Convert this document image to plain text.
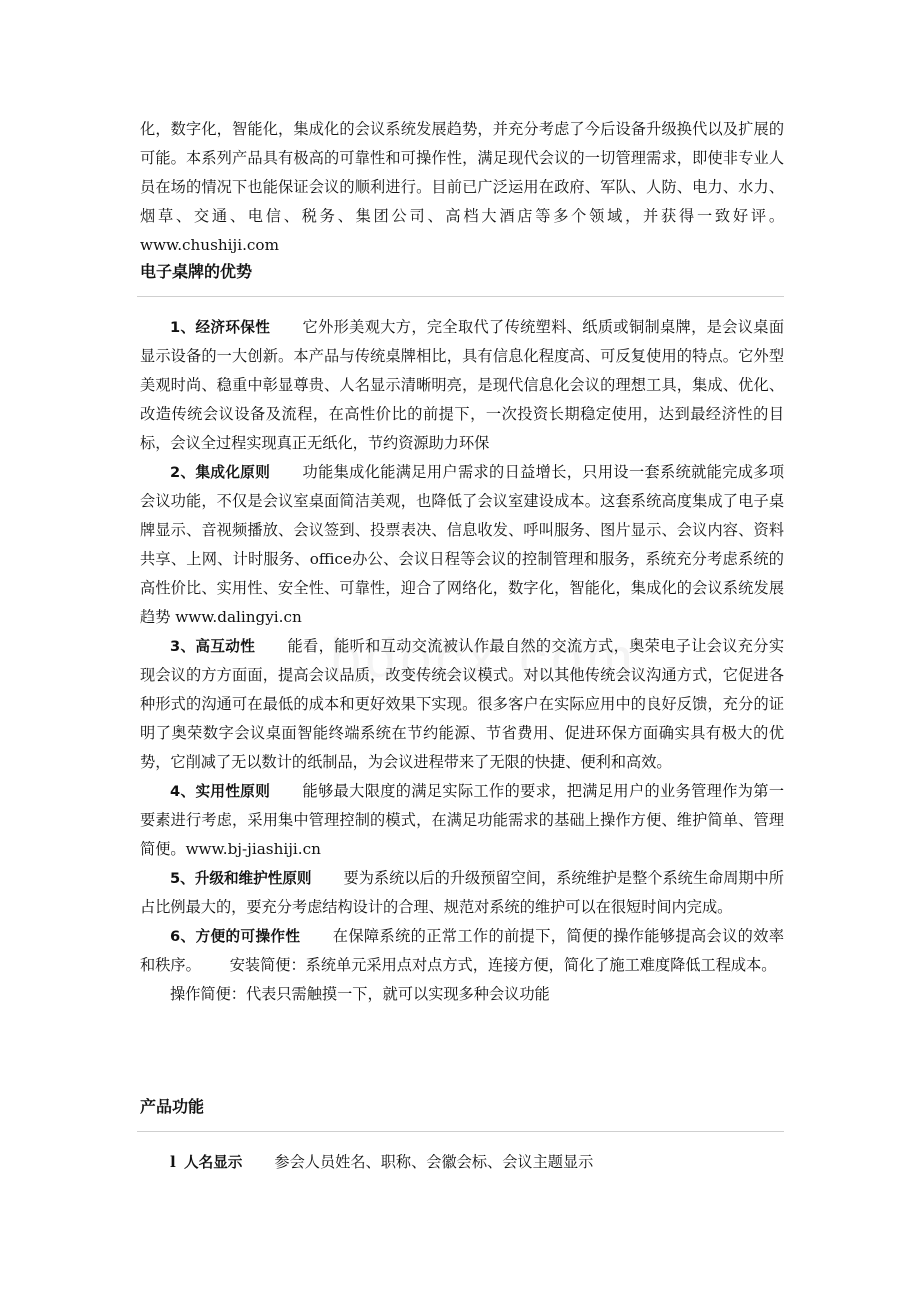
化，数字化，智能化，集成化的会议系统发展趋势，并充分考虑了今后设备升级换代以及扩展的可能。本系列产品具有极高的可靠性和可操作性，满足现代会议的一切管理需求，即使非专业人员在场的情况下也能保证会议的顺利进行。目前已广泛运用在政府、军队、人防、电力、水力、烟草、交通、电信、税务、集团公司、高档大酒店等多个领域，并获得一致好评。www.chushiji.com

电子桌牌的优势

1、经济环保性 它外形美观大方，完全取代了传统塑料、纸质或铜制桌牌，是会议桌面显示设备的一大创新。本产品与传统桌牌相比，具有信息化程度高、可反复使用的特点。它外型美观时尚、稳重中彰显尊贵、人名显示清晰明亮，是现代信息化会议的理想工具，集成、优化、改造传统会议设备及流程，在高性价比的前提下，一次投资长期稳定使用，达到最经济性的目标，会议全过程实现真正无纸化，节约资源助力环保

2、集成化原则 功能集成化能满足用户需求的日益增长，只用设一套系统就能完成多项会议功能，不仅是会议室桌面简洁美观，也降低了会议室建设成本。这套系统高度集成了电子桌牌显示、音视频播放、会议签到、投票表决、信息收发、呼叫服务、图片显示、会议内容、资料共享、上网、计时服务、office办公、会议日程等会议的控制管理和服务，系统充分考虑系统的高性价比、实用性、安全性、可靠性，迎合了网络化，数字化，智能化，集成化的会议系统发展趋势 www.dalingyi.cn

3、高互动性 能看，能听和互动交流被认作最自然的交流方式，奥荣电子让会议充分实现会议的方方面面，提高会议品质，改变传统会议模式。对以其他传统会议沟通方式，它促进各种形式的沟通可在最低的成本和更好效果下实现。很多客户在实际应用中的良好反馈，充分的证明了奥荣数字会议桌面智能终端系统在节约能源、节省费用、促进环保方面确实具有极大的优势，它削减了无以数计的纸制品，为会议进程带来了无限的快捷、便利和高效。

4、实用性原则 能够最大限度的满足实际工作的要求，把满足用户的业务管理作为第一要素进行考虑，采用集中管理控制的模式，在满足功能需求的基础上操作方便、维护简单、管理简便。www.bj-jiashiji.cn

5、升级和维护性原则 要为系统以后的升级预留空间，系统维护是整个系统生命周期中所占比例最大的，要充分考虑结构设计的合理、规范对系统的维护可以在很短时间内完成。

6、方便的可操作性 在保障系统的正常工作的前提下，简便的操作能够提高会议的效率和秩序。      安装简便：系统单元采用点对点方式，连接方便，简化了施工难度降低工程成本。

操作简便：代表只需触摸一下，就可以实现多种会议功能

产品功能

l 人名显示 参会人员姓名、职称、会徽会标、会议主题显示
